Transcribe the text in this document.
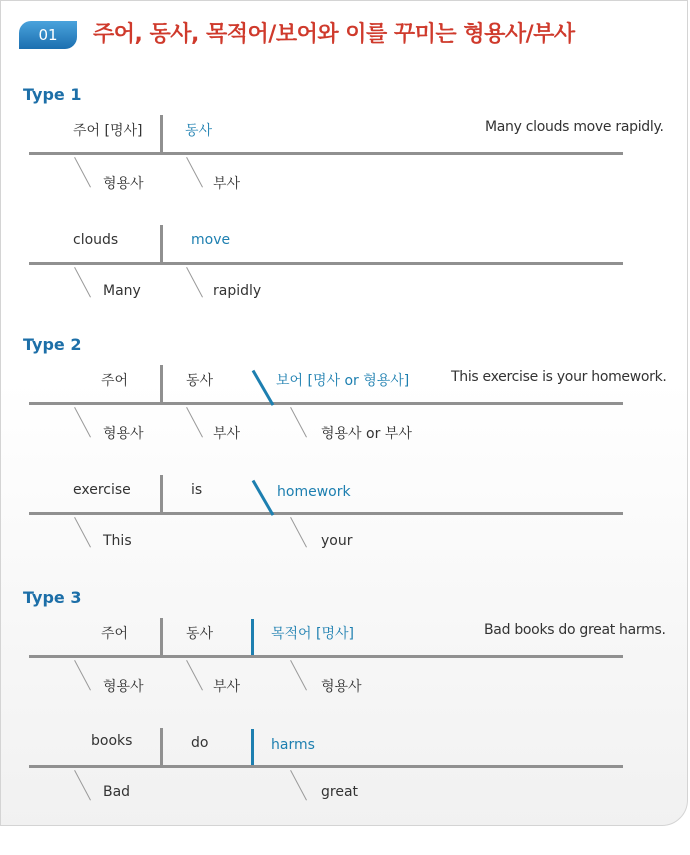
01	주어, 동사, 목적어/보어와 이를 꾸미는 형용사/부사
Type 1
주어 [명사]	동사	Many clouds move rapidly.
형용사	부사
clouds	move
Many	rapidly
Type 2
주어	동사	보어 [명사 or 형용사]	This exercise is your homework.
형용사	부사	형용사 or 부사
exercise	is	homework
This	your
Type 3
주어	동사	목적어 [명사]	Bad books do great harms.
형용사	부사	형용사
books	do	harms
Bad	great
